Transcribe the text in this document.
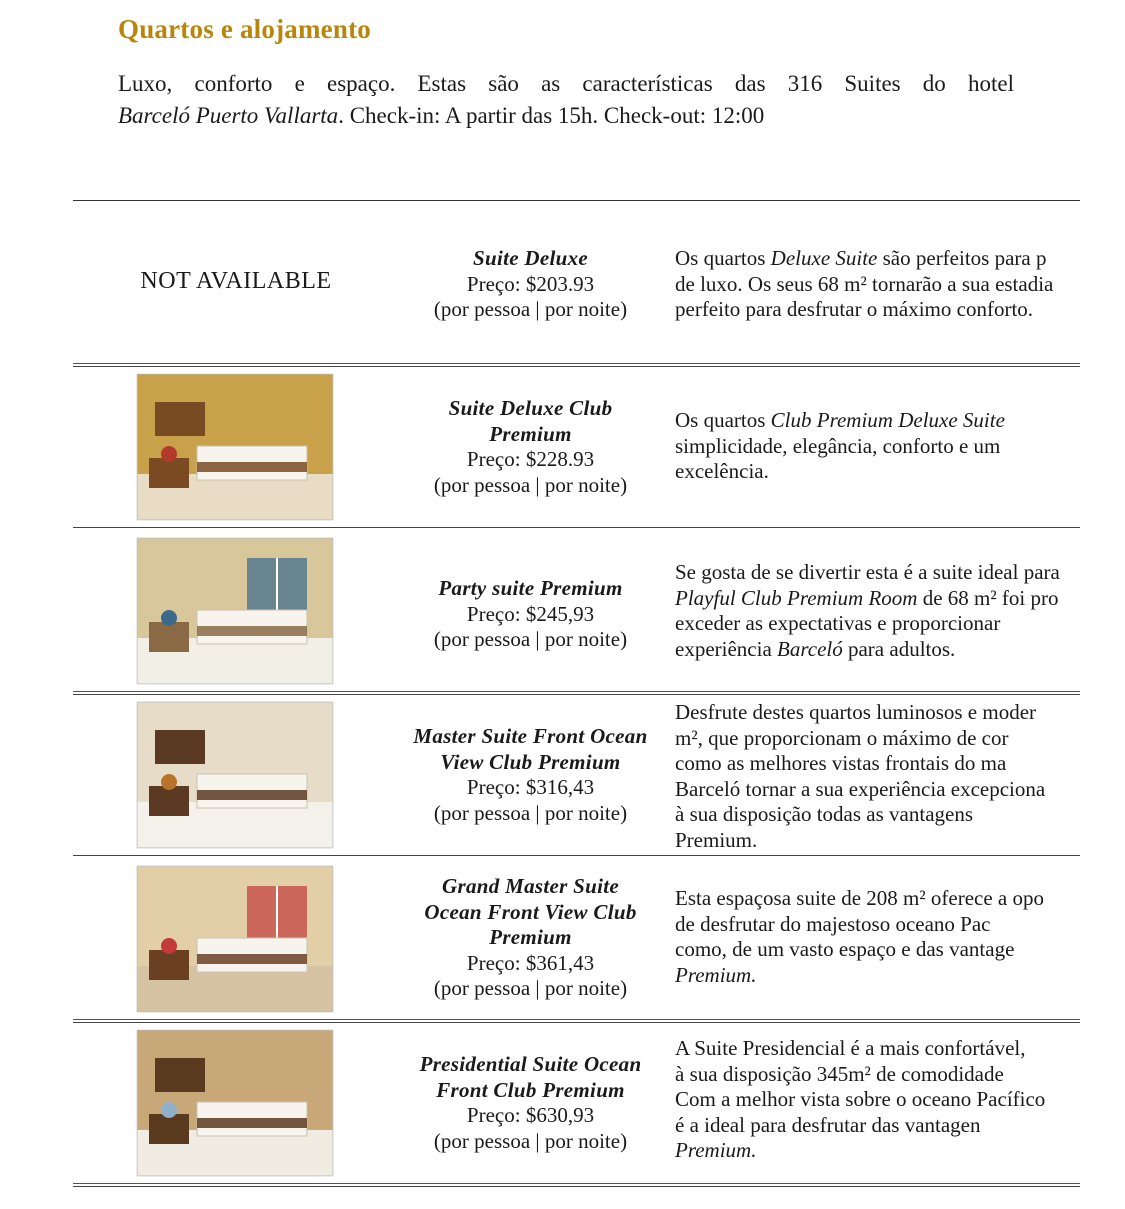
Quartos e alojamento
Luxo, conforto e espaço. Estas são as características das 316 Suites do hotel
Barceló Puerto Vallarta. Check-in: A partir das 15h. Check-out: 12:00
NOT AVAILABLE
Suite Deluxe
Preço: $203.93
(por pessoa | por noite)
Os quartos Deluxe Suite são perfeitos para p
de luxo. Os seus 68 m² tornarão a sua estadia
perfeito para desfrutar o máximo conforto.
Suite Deluxe Club
Premium
Preço: $228.93
(por pessoa | por noite)
Os quartos Club Premium Deluxe Suite
simplicidade, elegância, conforto e um
excelência.
Party suite Premium
Preço: $245,93
(por pessoa | por noite)
Se gosta de se divertir esta é a suite ideal para
Playful Club Premium Room de 68 m² foi pro
exceder as expectativas e proporcionar
experiência Barceló para adultos.
Master Suite Front Ocean
View Club Premium
Preço: $316,43
(por pessoa | por noite)
Desfrute destes quartos luminosos e moder
m², que proporcionam o máximo de cor
como as melhores vistas frontais do ma
Barceló tornar a sua experiência excepciona
à sua disposição todas as vantagens
Premium.
Grand Master Suite
Ocean Front View Club
Premium
Preço: $361,43
(por pessoa | por noite)
Esta espaçosa suite de 208 m² oferece a opo
de desfrutar do majestoso oceano Pac
como, de um vasto espaço e das vantage
Premium.
Presidential Suite Ocean
Front Club Premium
Preço: $630,93
(por pessoa | por noite)
A Suite Presidencial é a mais confortável,
à sua disposição 345m² de comodidade
Com a melhor vista sobre o oceano Pacífico
é a ideal para desfrutar das vantagen
Premium.
